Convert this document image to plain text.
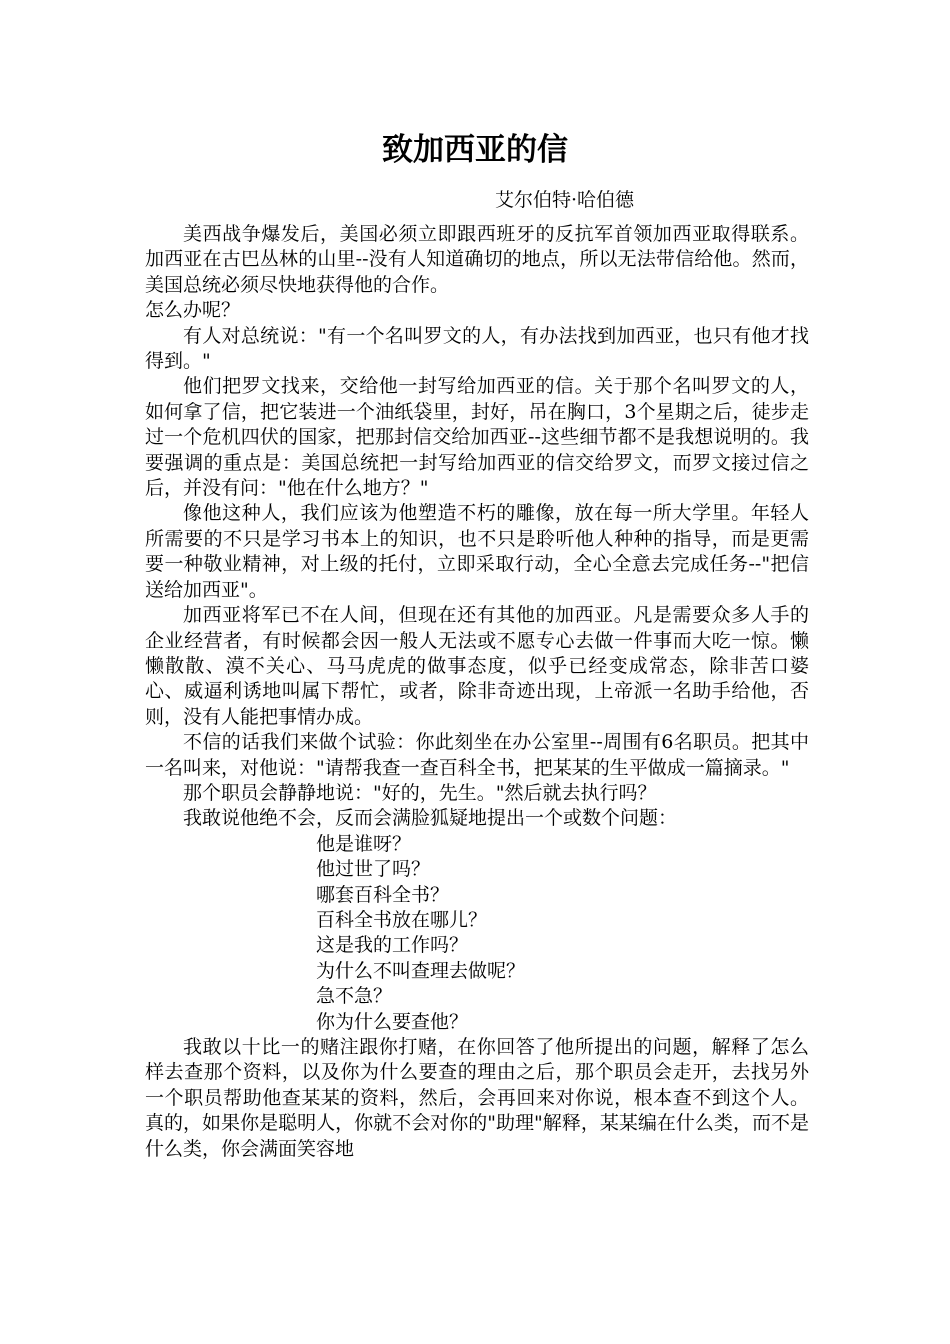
致加西亚的信
艾尔伯特·哈伯德

美西战争爆发后，美国必须立即跟西班牙的反抗军首领加西亚取得联系。加西亚在古巴丛林的山里--没有人知道确切的地点，所以无法带信给他。然而，美国总统必须尽快地获得他的合作。

怎么办呢？

有人对总统说："有一个名叫罗文的人，有办法找到加西亚，也只有他才找得到。"

他们把罗文找来，交给他一封写给加西亚的信。关于那个名叫罗文的人，如何拿了信，把它装进一个油纸袋里，封好，吊在胸口，3个星期之后，徒步走过一个危机四伏的国家，把那封信交给加西亚--这些细节都不是我想说明的。我要强调的重点是：美国总统把一封写给加西亚的信交给罗文，而罗文接过信之后，并没有问："他在什么地方？"

像他这种人，我们应该为他塑造不朽的雕像，放在每一所大学里。年轻人所需要的不只是学习书本上的知识，也不只是聆听他人种种的指导，而是更需要一种敬业精神，对上级的托付，立即采取行动，全心全意去完成任务--"把信送给加西亚"。

加西亚将军已不在人间，但现在还有其他的加西亚。凡是需要众多人手的企业经营者，有时候都会因一般人无法或不愿专心去做一件事而大吃一惊。懒懒散散、漠不关心、马马虎虎的做事态度，似乎已经变成常态，除非苦口婆心、威逼利诱地叫属下帮忙，或者，除非奇迹出现，上帝派一名助手给他，否则，没有人能把事情办成。

不信的话我们来做个试验：你此刻坐在办公室里--周围有6名职员。把其中一名叫来，对他说："请帮我查一查百科全书，把某某的生平做成一篇摘录。"

那个职员会静静地说："好的，先生。"然后就去执行吗？

我敢说他绝不会，反而会满脸狐疑地提出一个或数个问题：

他是谁呀？
他过世了吗？
哪套百科全书？
百科全书放在哪儿？
这是我的工作吗？
为什么不叫查理去做呢？
急不急？
你为什么要查他？

我敢以十比一的赌注跟你打赌，在你回答了他所提出的问题，解释了怎么样去查那个资料，以及你为什么要查的理由之后，那个职员会走开，去找另外一个职员帮助他查某某的资料，然后，会再回来对你说，根本查不到这个人。真的，如果你是聪明人，你就不会对你的"助理"解释，某某编在什么类，而不是什么类，你会满面笑容地
